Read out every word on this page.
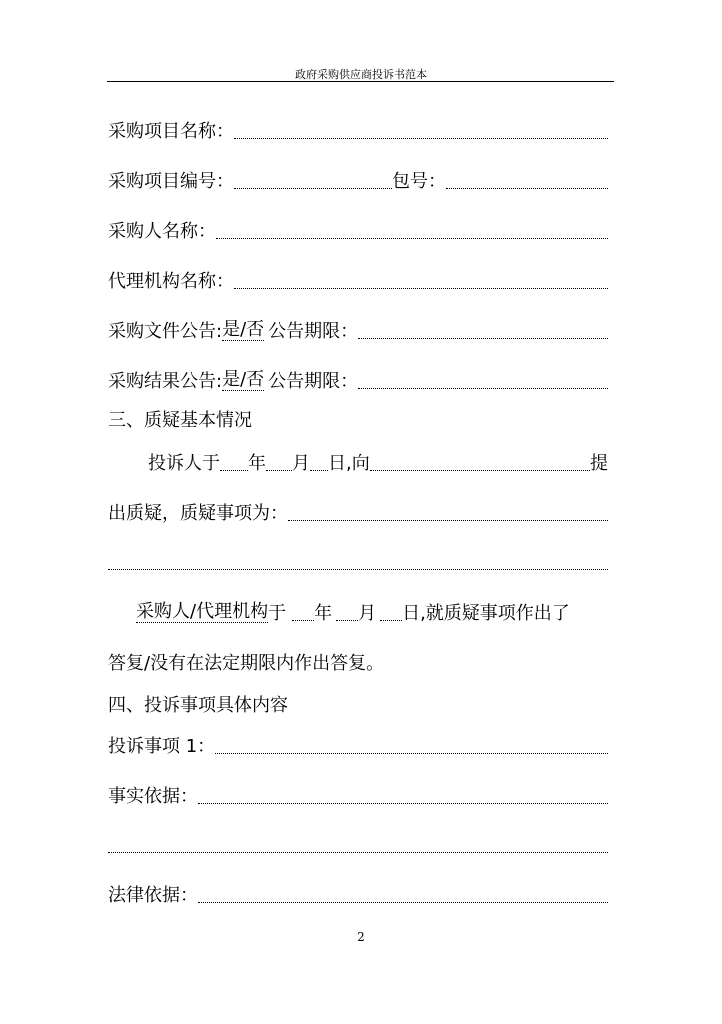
政府采购供应商投诉书范本
采购项目名称：
采购项目编号：	包号：
采购人名称：
代理机构名称：
采购文件公告: 是/否 公告期限：
采购结果公告: 是/否 公告期限：
三、质疑基本情况
投诉人于 年 月 日,向	提
出质疑，质疑事项为：
采购人/代理机构 于 年 月 日,就质疑事项作出了
答复 /没有在法定期限内作出答复。
四、投诉事项具体内容
投诉事项 1：
事实依据：
法律依据：
2
